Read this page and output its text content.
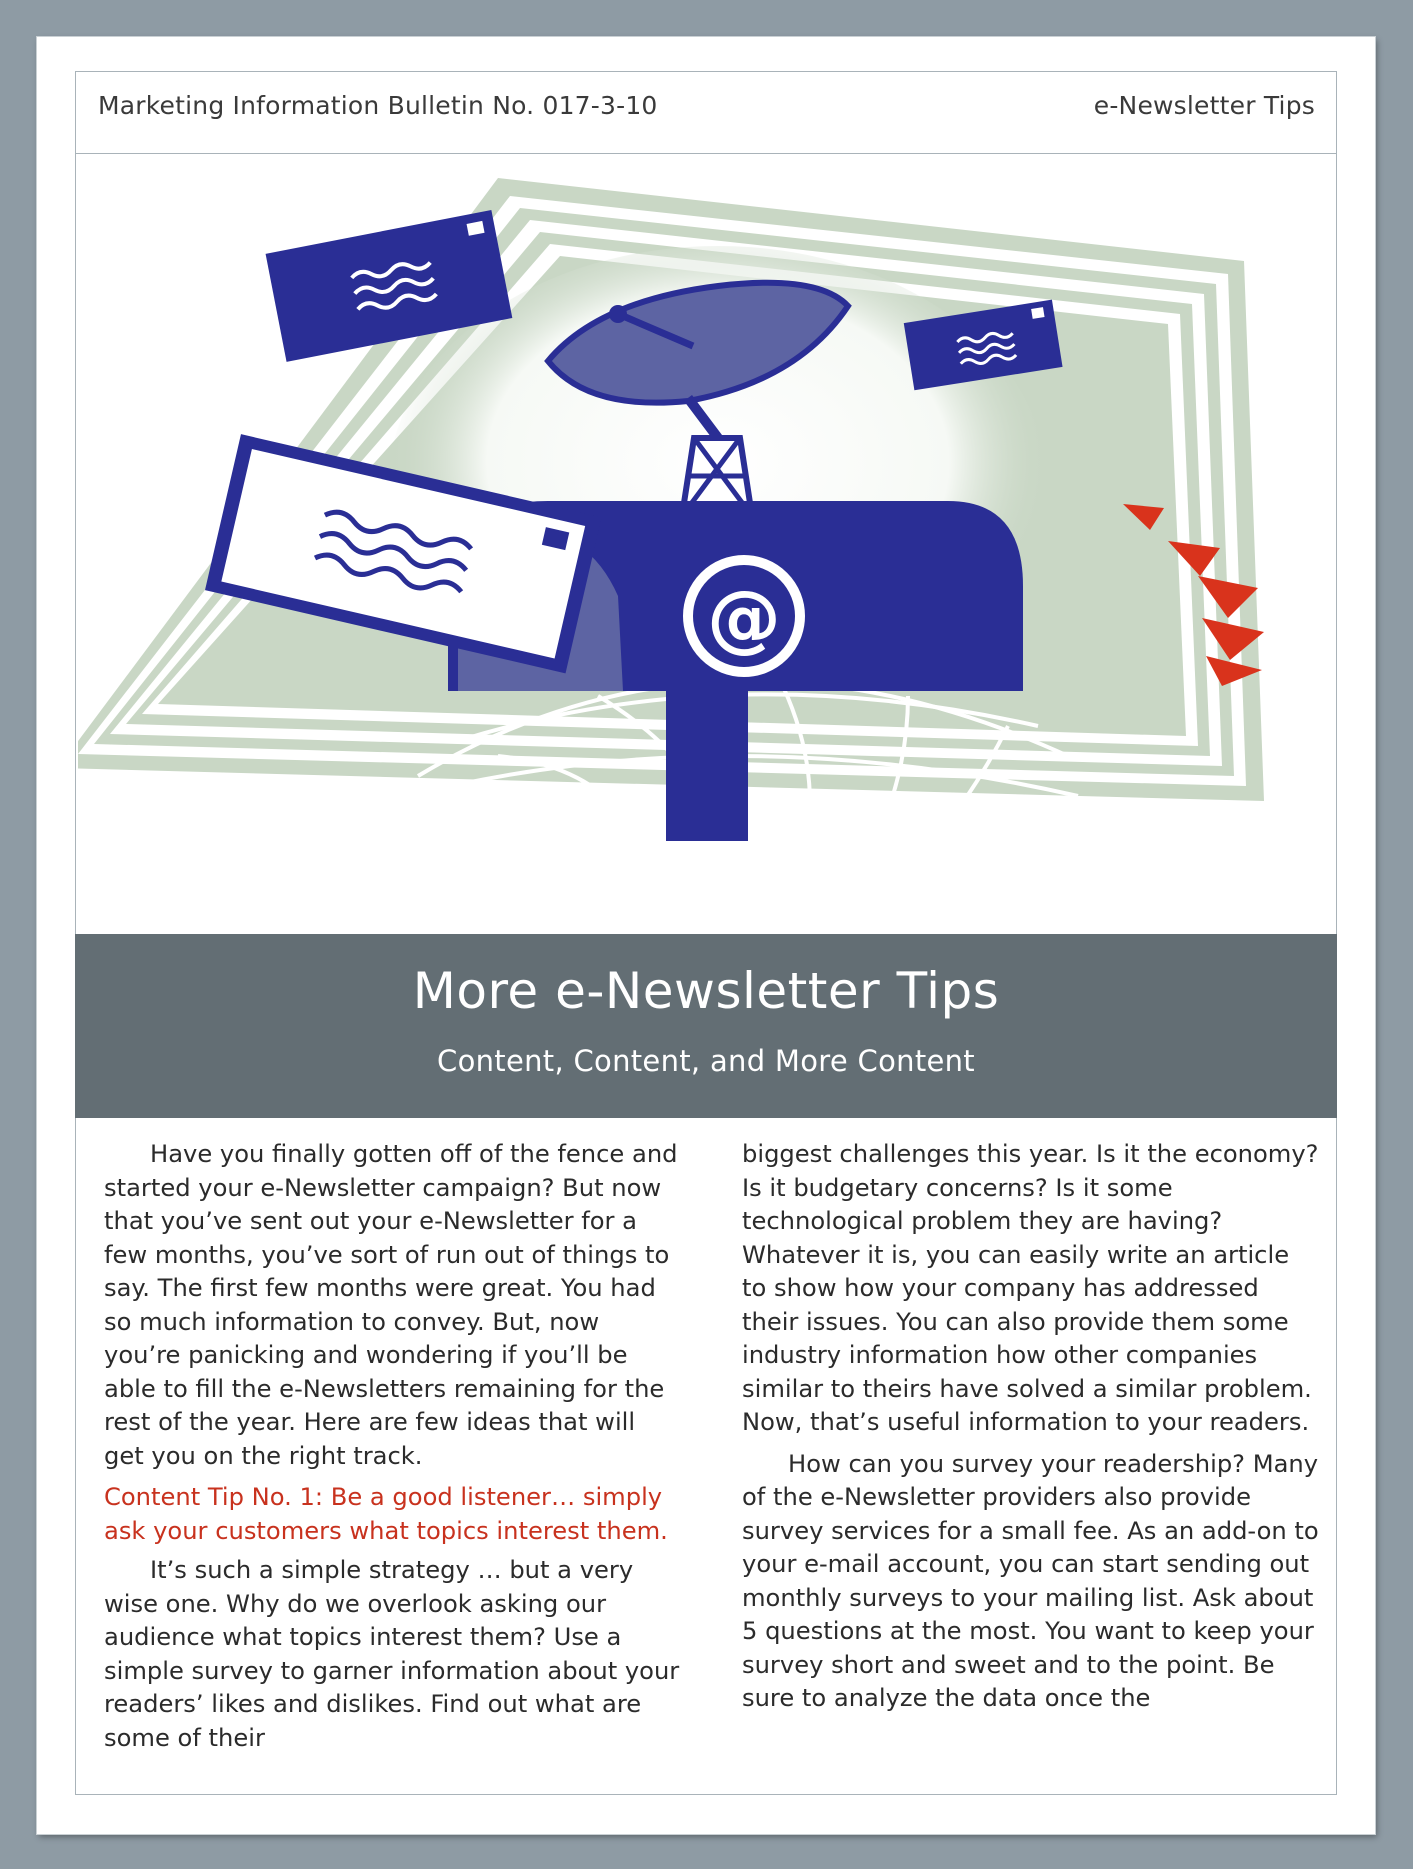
Marketing Information Bulletin No. 017-3-10	e-Newsletter Tips
@
More e-Newsletter Tips
Content, Content, and More Content

Have you finally gotten off of the fence and started your e-Newsletter campaign? But now that you’ve sent out your e-Newsletter for a few months, you’ve sort of run out of things to say. The first few months were great. You had so much information to convey. But, now you’re panicking and wondering if you’ll be able to fill the e-Newsletters remaining for the rest of the year. Here are few ideas that will get you on the right track.

Content Tip No. 1: Be a good listener… simply ask your customers what topics interest them.

It’s such a simple strategy … but a very wise one. Why do we overlook asking our audience what topics interest them? Use a simple survey to garner information about your readers’ likes and dislikes. Find out what are some of their

biggest challenges this year. Is it the economy? Is it budgetary concerns? Is it some technological problem they are having? Whatever it is, you can easily write an article to show how your company has addressed their issues. You can also provide them some industry information how other companies similar to theirs have solved a similar problem. Now, that’s useful information to your readers.

How can you survey your readership? Many of the e-Newsletter providers also provide survey services for a small fee. As an add-on to your e-mail account, you can start sending out monthly surveys to your mailing list. Ask about 5 questions at the most. You want to keep your survey short and sweet and to the point. Be sure to analyze the data once the
